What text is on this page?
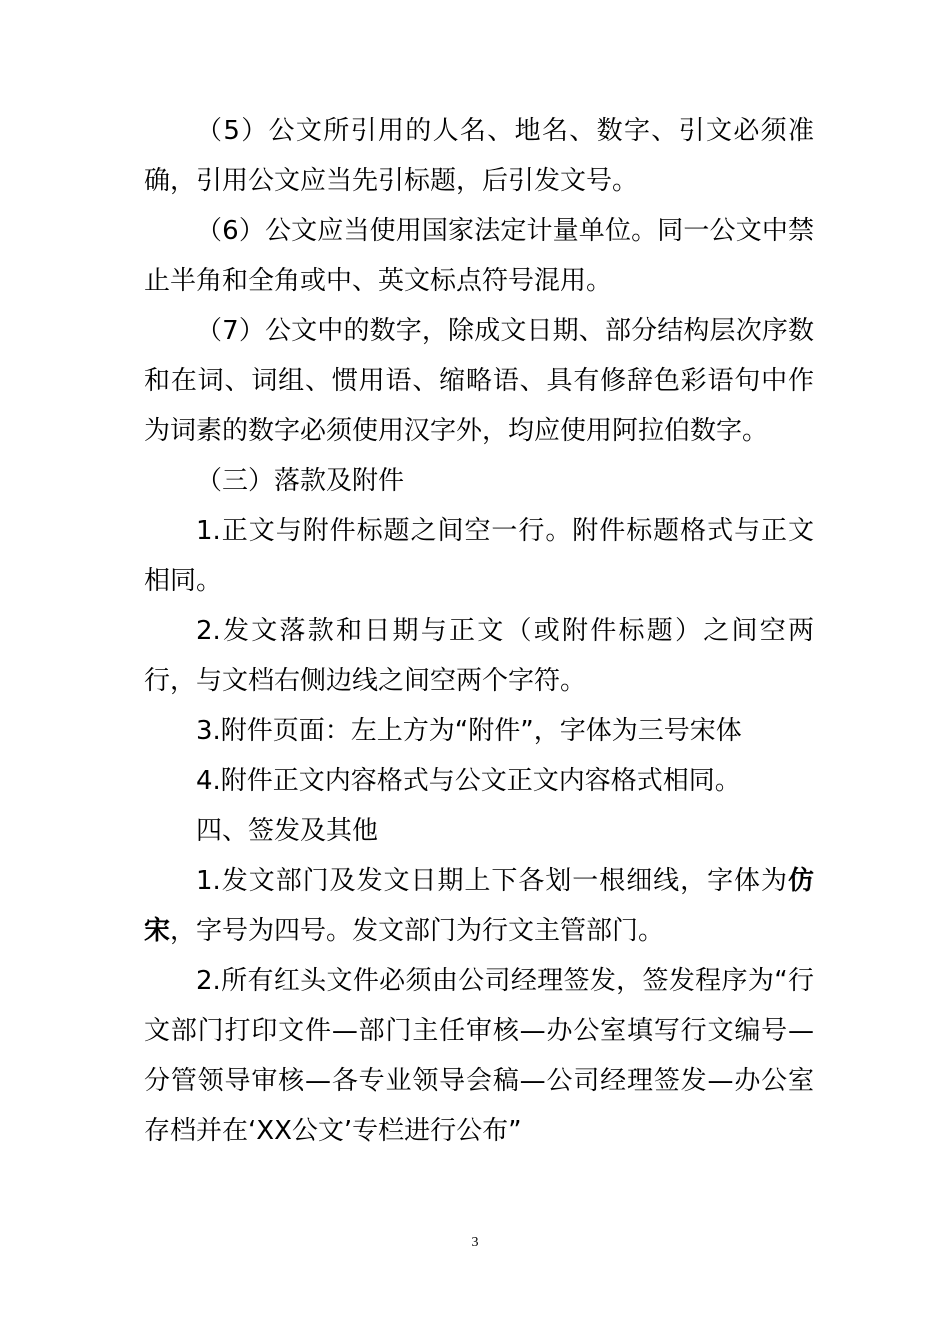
（5）公文所引用的人名、地名、数字、引文必须准确，引用公文应当先引标题，后引发文号。

（6）公文应当使用国家法定计量单位。同一公文中禁止半角和全角或中、英文标点符号混用。

（7）公文中的数字，除成文日期、部分结构层次序数和在词、词组、惯用语、缩略语、具有修辞色彩语句中作为词素的数字必须使用汉字外，均应使用阿拉伯数字。

（三）落款及附件

1.正文与附件标题之间空一行。附件标题格式与正文相同。

2.发文落款和日期与正文（或附件标题）之间空两行，与文档右侧边线之间空两个字符。

3.附件页面：左上方为“附件”，字体为三号宋体

4.附件正文内容格式与公文正文内容格式相同。

四、签发及其他

1.发文部门及发文日期上下各划一根细线，字体为仿宋，字号为四号。发文部门为行文主管部门。

2.所有红头文件必须由公司经理签发，签发程序为“行文部门打印文件—部门主任审核—办公室填写行文编号—分管领导审核—各专业领导会稿—公司经理签发—办公室存档并在‘XX公文’专栏进行公布”

3
